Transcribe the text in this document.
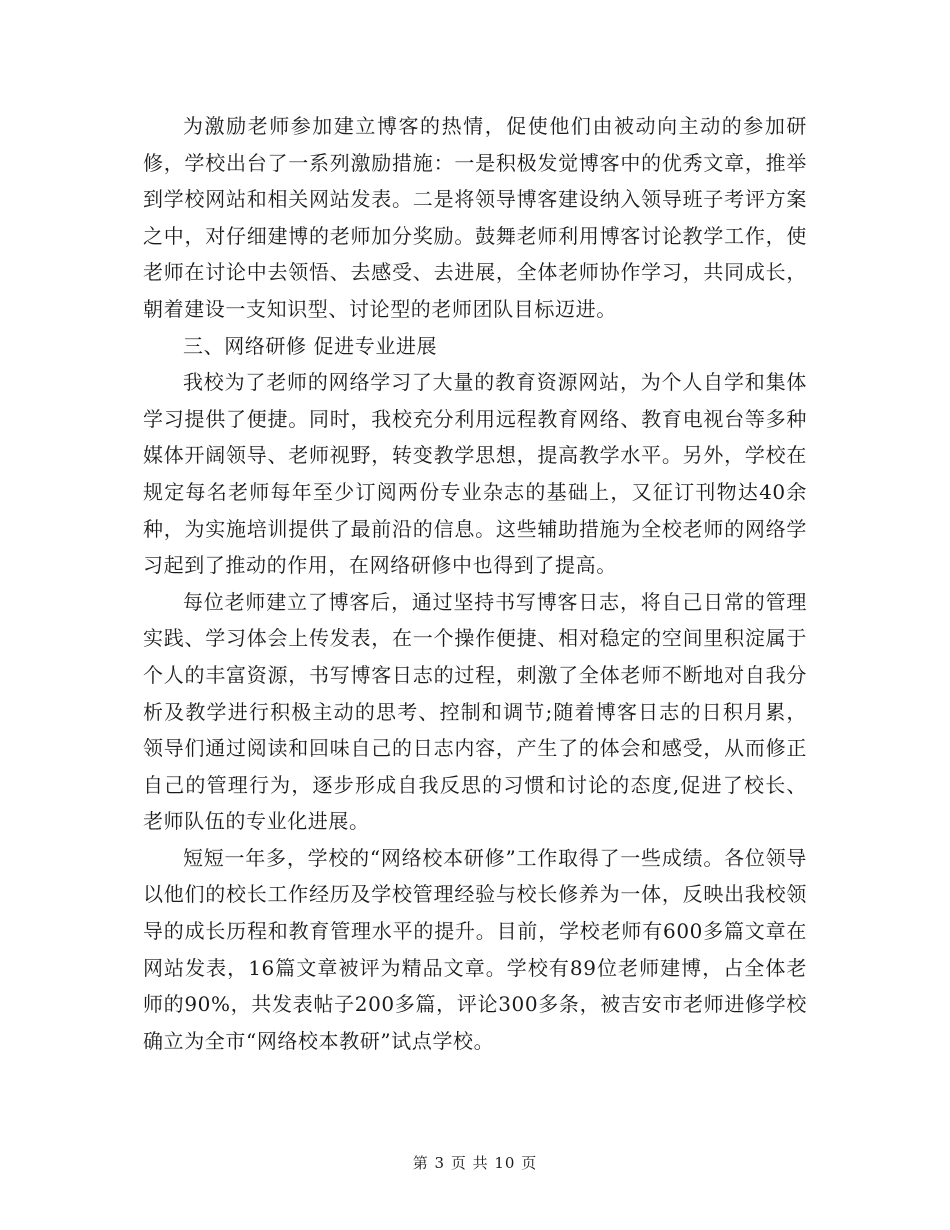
为激励老师参加建立博客的热情，促使他们由被动向主动的参加研修，学校出台了一系列激励措施：一是积极发觉博客中的优秀文章，推举到学校网站和相关网站发表。二是将领导博客建设纳入领导班子考评方案之中，对仔细建博的老师加分奖励。鼓舞老师利用博客讨论教学工作，使老师在讨论中去领悟、去感受、去进展，全体老师协作学习，共同成长，朝着建设一支知识型、讨论型的老师团队目标迈进。

三、网络研修 促进专业进展

我校为了老师的网络学习了大量的教育资源网站，为个人自学和集体学习提供了便捷。同时，我校充分利用远程教育网络、教育电视台等多种媒体开阔领导、老师视野，转变教学思想，提高教学水平。另外，学校在规定每名老师每年至少订阅两份专业杂志的基础上，又征订刊物达40余种，为实施培训提供了最前沿的信息。这些辅助措施为全校老师的网络学习起到了推动的作用，在网络研修中也得到了提高。

每位老师建立了博客后，通过坚持书写博客日志，将自己日常的管理实践、学习体会上传发表，在一个操作便捷、相对稳定的空间里积淀属于个人的丰富资源，书写博客日志的过程，刺激了全体老师不断地对自我分析及教学进行积极主动的思考、控制和调节;随着博客日志的日积月累，领导们通过阅读和回味自己的日志内容，产生了的体会和感受，从而修正自己的管理行为，逐步形成自我反思的习惯和讨论的态度,促进了校长、老师队伍的专业化进展。

短短一年多，学校的“网络校本研修”工作取得了一些成绩。各位领导以他们的校长工作经历及学校管理经验与校长修养为一体，反映出我校领导的成长历程和教育管理水平的提升。目前，学校老师有600多篇文章在网站发表，16篇文章被评为精品文章。学校有89位老师建博，占全体老师的90%，共发表帖子200多篇，评论300多条，被吉安市老师进修学校确立为全市“网络校本教研”试点学校。

第 3 页 共 10 页
